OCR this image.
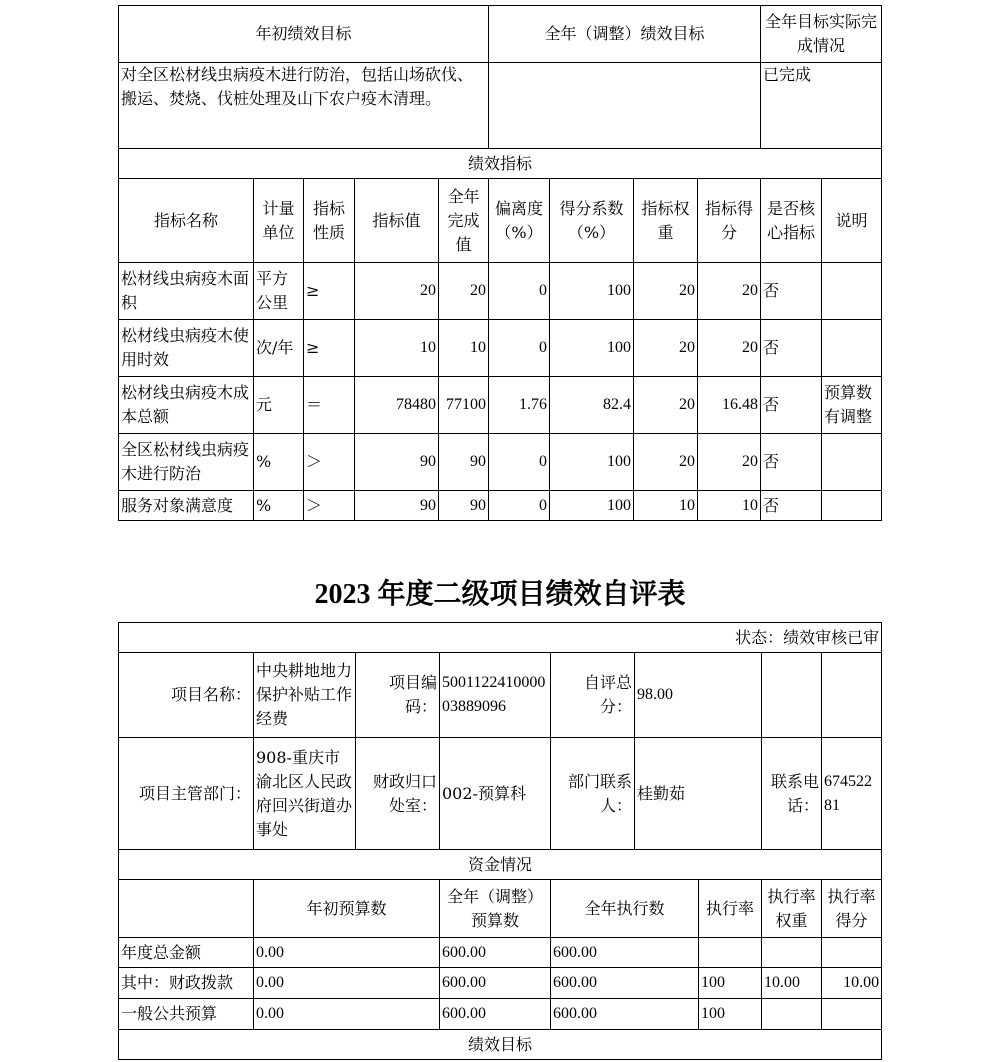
年初绩效目标					全年（调整）绩效目标				全年目标实际完成情况	
对全区松材线虫病疫木进行防治，包括山场砍伐、搬运、焚烧、伐桩处理及山下农户疫木清理。									已完成	
绩效指标										
指标名称	计量单位	指标性质	指标值	全年完成值	偏离度（%）	得分系数（%）	指标权重	指标得分	是否核心指标	说明
松材线虫病疫木面积	平方公里	≥	20	20	0	100	20	20	否	
松材线虫病疫木使用时效	次/年	≥	10	10	0	100	20	20	否	
松材线虫病疫木成本总额	元	＝	78480	77100	1.76	82.4	20	16.48	否	预算数有调整
全区松材线虫病疫木进行防治	%	＞	90	90	0	100	20	20	否	
服务对象满意度	%	＞	90	90	0	100	10	10	否	
2023 年度二级项目绩效自评表
状态：绩效审核已审								
项目名称：	中央耕地地力保护补贴工作经费	项目编码：	500112241000003889096	自评总分：	98.00			
项目主管部门：	908-重庆市渝北区人民政府回兴街道办事处	财政归口处室：	002-预算科	部门联系人：	桂勤茹		联系电话：	67452281
资金情况								
	年初预算数		全年（调整）预算数	全年执行数		执行率	执行率权重	执行率得分
年度总金额	0.00		600.00	600.00				
其中：财政拨款	0.00		600.00	600.00		100	10.00	10.00
一般公共预算	0.00		600.00	600.00		100		
绩效目标								
